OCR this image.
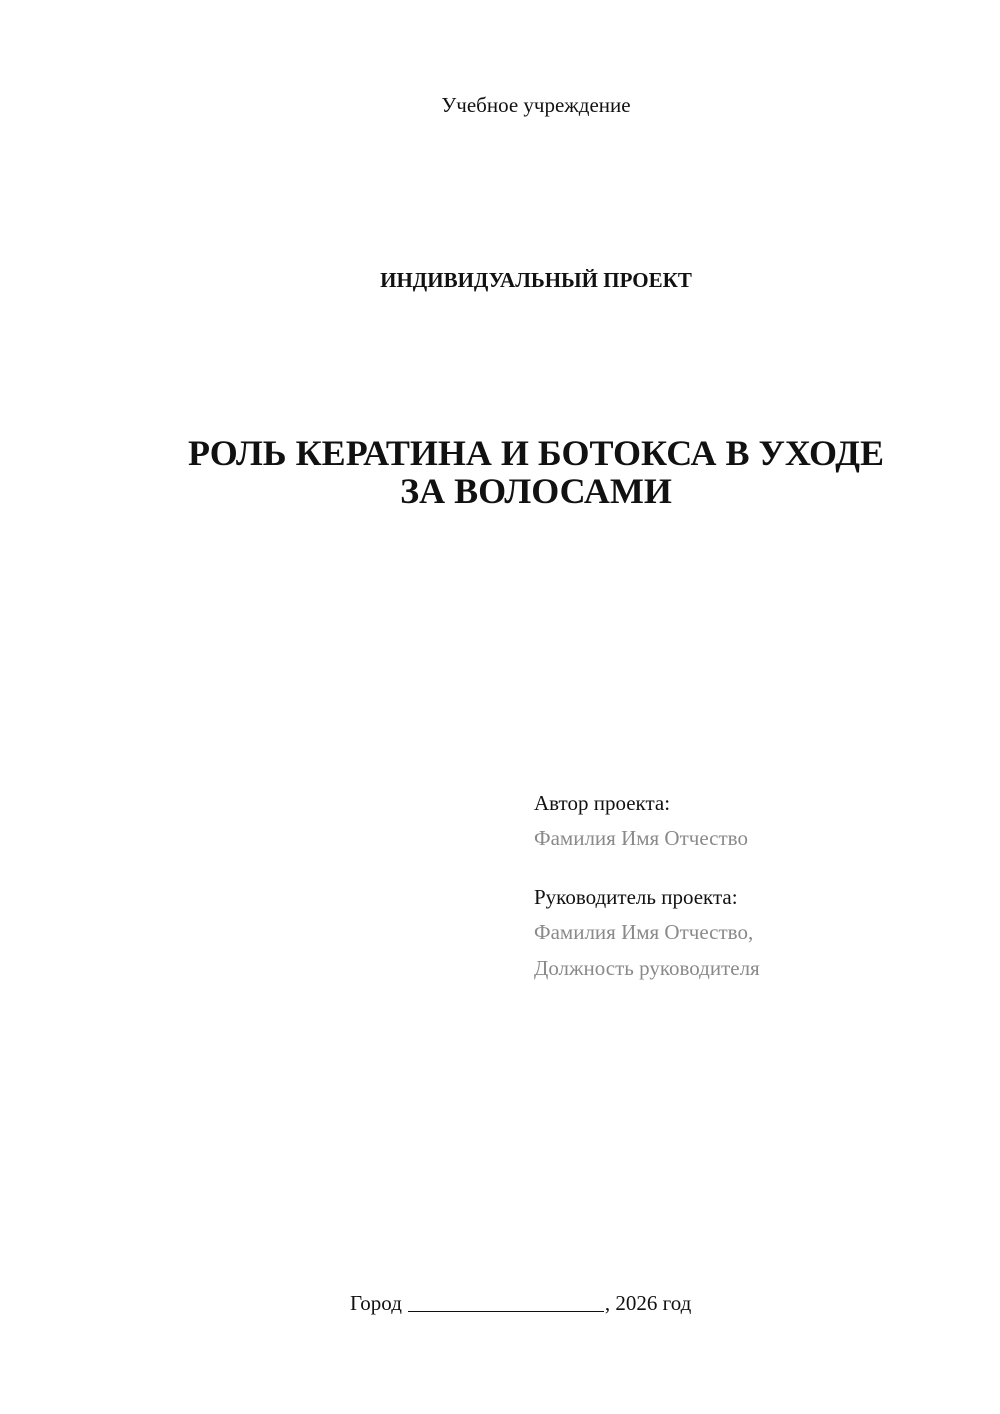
Учебное учреждение
ИНДИВИДУАЛЬНЫЙ ПРОЕКТ
РОЛЬ КЕРАТИНА И БОТОКСА В УХОДЕ
ЗА ВОЛОСАМИ
Автор проекта:
Фамилия Имя Отчество
Руководитель проекта:
Фамилия Имя Отчество,
Должность руководителя
Город	, 2026 год
